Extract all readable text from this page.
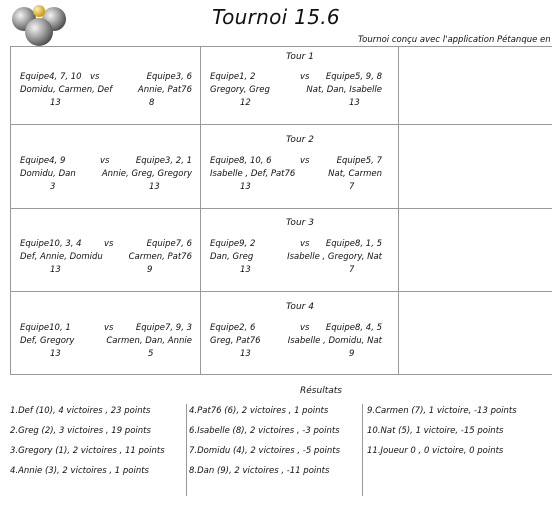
Tournoi 15.6
Tournoi conçu avec l'application Pétanque en
Tour 1
Equipe4, 7, 10 vs	Equipe3, 6
Domidu, Carmen, Def	Annie, Pat76
13	8
Equipe1, 2	vs Equipe5, 9, 8
Gregory, Greg	Nat, Dan, Isabelle
12	13
Tour 2
Equipe4, 9	vs	Equipe3, 2, 1
Domidu, Dan	Annie, Greg, Gregory
3	13
Equipe8, 10, 6	vs	Equipe5, 7
Isabelle , Def, Pat76	Nat, Carmen
13	7
Tour 3
Equipe10, 3, 4	vs	Equipe7, 6
Def, Annie, Domidu	Carmen, Pat76
13	9
Equipe9, 2	vs Equipe8, 1, 5
Dan, Greg	Isabelle , Gregory, Nat
13	7
Tour 4
Equipe10, 1	vs	Equipe7, 9, 3
Def, Gregory	Carmen, Dan, Annie
13	5
Equipe2, 6	vs Equipe8, 4, 5
Greg, Pat76	Isabelle , Domidu, Nat
13	9
Résultats
1.Def (10), 4 victoires , 23 points
2.Greg (2), 3 victoires , 19 points
3.Gregory (1), 2 victoires , 11 points
4.Annie (3), 2 victoires , 1 points
4.Pat76 (6), 2 victoires , 1 points
6.Isabelle (8), 2 victoires , -3 points
7.Domidu (4), 2 victoires , -5 points
8.Dan (9), 2 victoires , -11 points
9.Carmen (7), 1 victoire, -13 points
10.Nat (5), 1 victoire, -15 points
11.Joueur 0 , 0 victoire, 0 points
